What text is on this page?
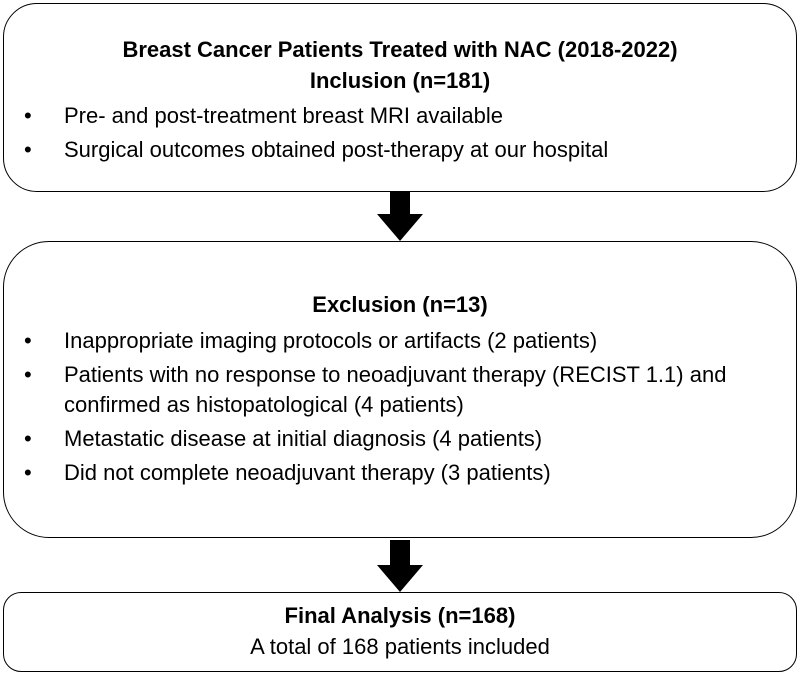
Breast Cancer Patients Treated with NAC (2018-2022)
Inclusion (n=181)
• Pre- and post-treatment breast MRI available
• Surgical outcomes obtained post-therapy at our hospital
Exclusion (n=13)
• Inappropriate imaging protocols or artifacts (2 patients)
• Patients with no response to neoadjuvant therapy (RECIST 1.1) and confirmed as histopatological (4 patients)
• Metastatic disease at initial diagnosis (4 patients)
• Did not complete neoadjuvant therapy (3 patients)
Final Analysis (n=168)
A total of 168 patients included
